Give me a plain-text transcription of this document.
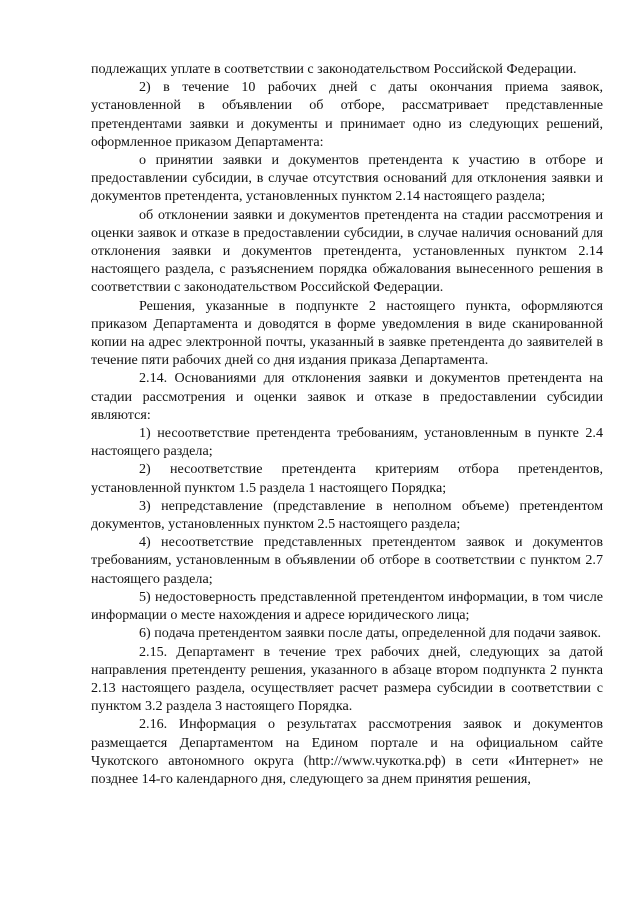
подлежащих уплате в соответствии с законодательством Российской Федерации.

2) в течение 10 рабочих дней с даты окончания приема заявок, установленной в объявлении об отборе, рассматривает представленные претендентами заявки и документы и принимает одно из следующих решений, оформленное приказом Департамента:

о принятии заявки и документов претендента к участию в отборе и предоставлении субсидии, в случае отсутствия оснований для отклонения заявки и документов претендента, установленных пунктом 2.14 настоящего раздела;

об отклонении заявки и документов претендента на стадии рассмотрения и оценки заявок и отказе в предоставлении субсидии, в случае наличия оснований для отклонения заявки и документов претендента, установленных пунктом 2.14 настоящего раздела, с разъяснением порядка обжалования вынесенного решения в соответствии с законодательством Российской Федерации.

Решения, указанные в подпункте 2 настоящего пункта, оформляются приказом Департамента и доводятся в форме уведомления в виде сканированной копии на адрес электронной почты, указанный в заявке претендента до заявителей в течение пяти рабочих дней со дня издания приказа Департамента.

2.14. Основаниями для отклонения заявки и документов претендента на стадии рассмотрения и оценки заявок и отказе в предоставлении субсидии являются:

1) несоответствие претендента требованиям, установленным в пункте 2.4 настоящего раздела;

2) несоответствие претендента критериям отбора претендентов, установленной пунктом 1.5 раздела 1 настоящего Порядка;

3) непредставление (представление в неполном объеме) претендентом документов, установленных пунктом 2.5 настоящего раздела;

4) несоответствие представленных претендентом заявок и документов требованиям, установленным в объявлении об отборе в соответствии с пунктом 2.7 настоящего раздела;

5) недостоверность представленной претендентом информации, в том числе информации о месте нахождения и адресе юридического лица;

6) подача претендентом заявки после даты, определенной для подачи заявок.

2.15. Департамент в течение трех рабочих дней, следующих за датой направления претенденту решения, указанного в абзаце втором подпункта 2 пункта 2.13 настоящего раздела, осуществляет расчет размера субсидии в соответствии с пунктом 3.2 раздела 3 настоящего Порядка.

2.16. Информация о результатах рассмотрения заявок и документов размещается Департаментом на Едином портале и на официальном сайте Чукотского автономного округа (http://www.чукотка.рф) в сети «Интернет» не позднее 14-го календарного дня, следующего за днем принятия решения,
